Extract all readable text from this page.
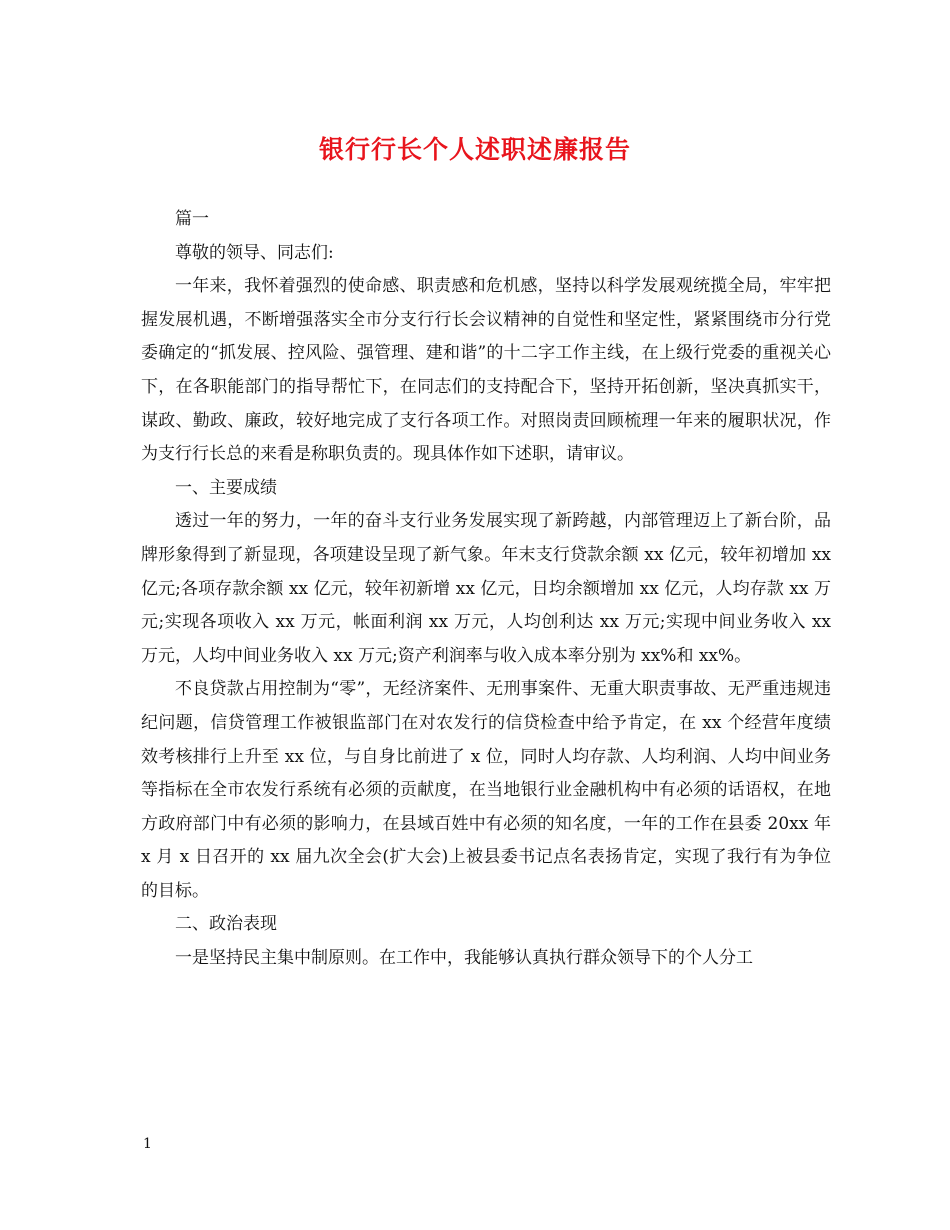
银行行长个人述职述廉报告

篇一

尊敬的领导、同志们:

一年来，我怀着强烈的使命感、职责感和危机感，坚持以科学发展观统揽全局，牢牢把握发展机遇，不断增强落实全市分支行行长会议精神的自觉性和坚定性，紧紧围绕市分行党委确定的“抓发展、控风险、强管理、建和谐”的十二字工作主线，在上级行党委的重视关心下，在各职能部门的指导帮忙下，在同志们的支持配合下，坚持开拓创新，坚决真抓实干，谋政、勤政、廉政，较好地完成了支行各项工作。对照岗责回顾梳理一年来的履职状况，作为支行行长总的来看是称职负责的。现具体作如下述职，请审议。

一、主要成绩

透过一年的努力，一年的奋斗支行业务发展实现了新跨越，内部管理迈上了新台阶，品牌形象得到了新显现，各项建设呈现了新气象。年末支行贷款余额 xx 亿元，较年初增加 xx 亿元;各项存款余额 xx 亿元，较年初新增 xx 亿元，日均余额增加 xx 亿元，人均存款 xx 万元;实现各项收入 xx 万元，帐面利润 xx 万元，人均创利达 xx 万元;实现中间业务收入 xx 万元，人均中间业务收入 xx 万元;资产利润率与收入成本率分别为 xx%和 xx%。

不良贷款占用控制为“零”，无经济案件、无刑事案件、无重大职责事故、无严重违规违纪问题，信贷管理工作被银监部门在对农发行的信贷检查中给予肯定，在 xx 个经营年度绩效考核排行上升至 xx 位，与自身比前进了 x 位，同时人均存款、人均利润、人均中间业务等指标在全市农发行系统有必须的贡献度，在当地银行业金融机构中有必须的话语权，在地方政府部门中有必须的影响力，在县域百姓中有必须的知名度，一年的工作在县委 20xx 年 x 月 x 日召开的 xx 届九次全会(扩大会)上被县委书记点名表扬肯定，实现了我行有为争位的目标。

二、政治表现

一是坚持民主集中制原则。在工作中，我能够认真执行群众领导下的个人分工

1
